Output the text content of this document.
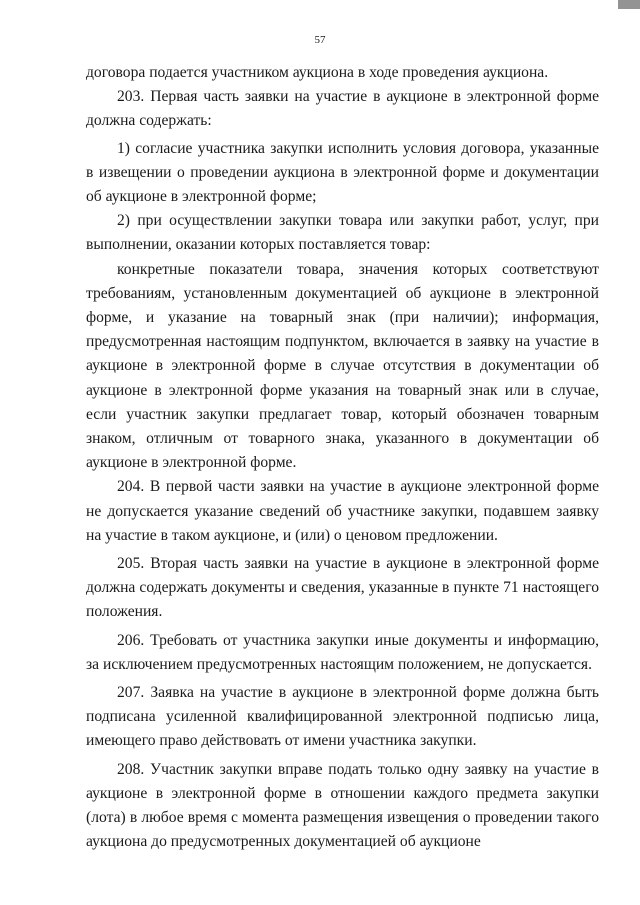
57

договора подается участником аукциона в ходе проведения аукциона.

203. Первая часть заявки на участие в аукционе в электронной форме должна содержать:

1) согласие участника закупки исполнить условия договора, указанные в извещении о проведении аукциона в электронной форме и документации об аукционе в электронной форме;

2) при осуществлении закупки товара или закупки работ, услуг, при выполнении, оказании которых поставляется товар:

конкретные показатели товара, значения которых соответствуют требованиям, установленным документацией об аукционе в электронной форме, и указание на товарный знак (при наличии); информация, предусмотренная настоящим подпунктом, включается в заявку на участие в аукционе в электронной форме в случае отсутствия в документации об аукционе в электронной форме указания на товарный знак или в случае, если участник закупки предлагает товар, который обозначен товарным знаком, отличным от товарного знака, указанного в документации об аукционе в электронной форме.

204. В первой части заявки на участие в аукционе электронной форме не допускается указание сведений об участнике закупки, подавшем заявку на участие в таком аукционе, и (или) о ценовом предложении.

205. Вторая часть заявки на участие в аукционе в электронной форме должна содержать документы и сведения, указанные в пункте 71 настоящего положения.

206. Требовать от участника закупки иные документы и информацию, за исключением предусмотренных настоящим положением, не допускается.

207. Заявка на участие в аукционе в электронной форме должна быть подписана усиленной квалифицированной электронной подписью лица, имеющего право действовать от имени участника закупки.

208. Участник закупки вправе подать только одну заявку на участие в аукционе в электронной форме в отношении каждого предмета закупки (лота) в любое время с момента размещения извещения о проведении такого аукциона до предусмотренных документацией об аукционе
